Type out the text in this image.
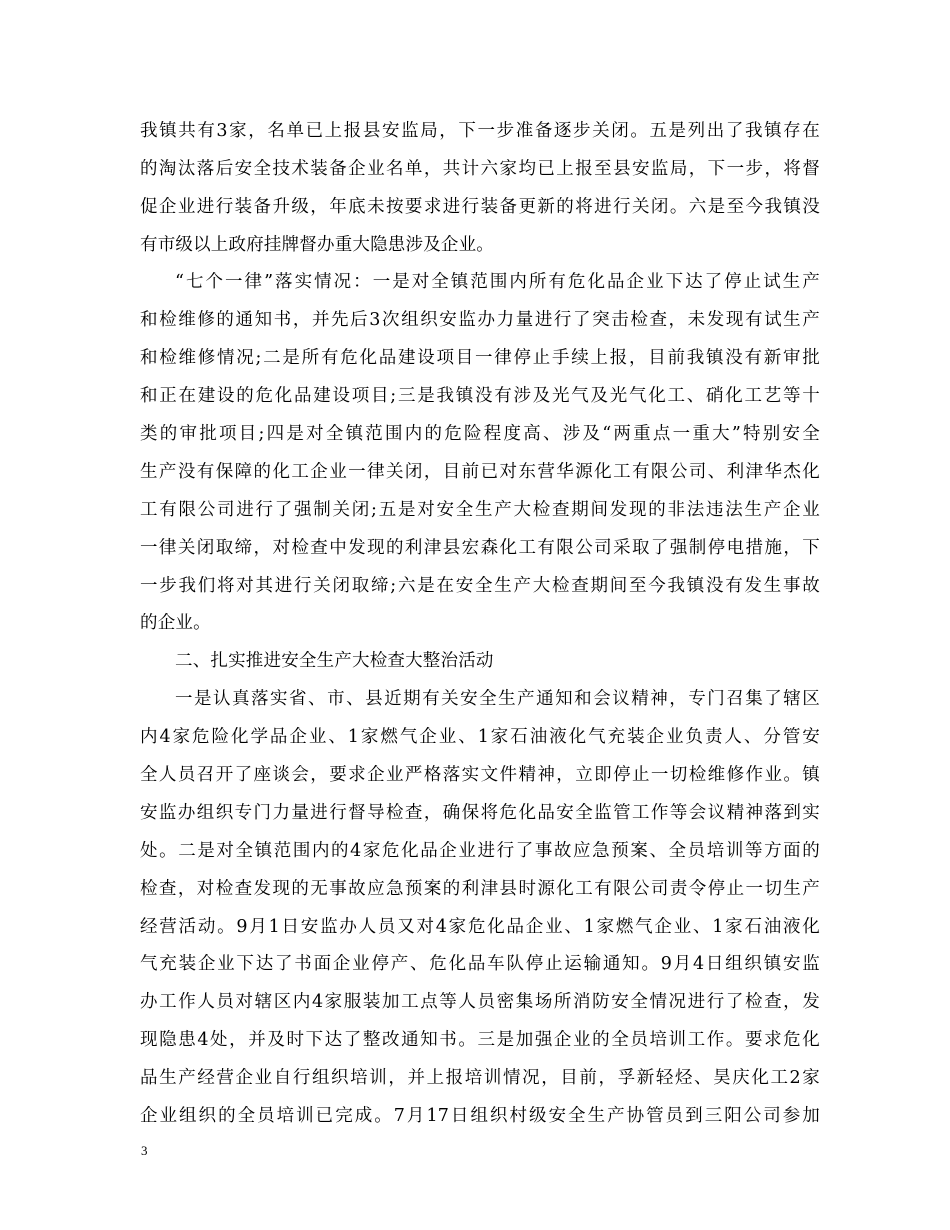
我镇共有3家，名单已上报县安监局，下一步准备逐步关闭。五是列出了我镇存在
的淘汰落后安全技术装备企业名单，共计六家均已上报至县安监局，下一步，将督
促企业进行装备升级，年底未按要求进行装备更新的将进行关闭。六是至今我镇没
有市级以上政府挂牌督办重大隐患涉及企业。
“七个一律”落实情况：一是对全镇范围内所有危化品企业下达了停止试生产
和检维修的通知书，并先后3次组织安监办力量进行了突击检查，未发现有试生产
和检维修情况;二是所有危化品建设项目一律停止手续上报，目前我镇没有新审批
和正在建设的危化品建设项目;三是我镇没有涉及光气及光气化工、硝化工艺等十
类的审批项目;四是对全镇范围内的危险程度高、涉及“两重点一重大”特别安全
生产没有保障的化工企业一律关闭，目前已对东营华源化工有限公司、利津华杰化
工有限公司进行了强制关闭;五是对安全生产大检查期间发现的非法违法生产企业
一律关闭取缔，对检查中发现的利津县宏森化工有限公司采取了强制停电措施，下
一步我们将对其进行关闭取缔;六是在安全生产大检查期间至今我镇没有发生事故
的企业。
二、扎实推进安全生产大检查大整治活动
一是认真落实省、市、县近期有关安全生产通知和会议精神，专门召集了辖区
内4家危险化学品企业、1家燃气企业、1家石油液化气充装企业负责人、分管安
全人员召开了座谈会，要求企业严格落实文件精神，立即停止一切检维修作业。镇
安监办组织专门力量进行督导检查，确保将危化品安全监管工作等会议精神落到实
处。二是对全镇范围内的4家危化品企业进行了事故应急预案、全员培训等方面的
检查，对检查发现的无事故应急预案的利津县时源化工有限公司责令停止一切生产
经营活动。9月1日安监办人员又对4家危化品企业、1家燃气企业、1家石油液化
气充装企业下达了书面企业停产、危化品车队停止运输通知。9月4日组织镇安监
办工作人员对辖区内4家服装加工点等人员密集场所消防安全情况进行了检查，发
现隐患4处，并及时下达了整改通知书。三是加强企业的全员培训工作。要求危化
品生产经营企业自行组织培训，并上报培训情况，目前，孚新轻烃、昊庆化工2家
企业组织的全员培训已完成。7月17日组织村级安全生产协管员到三阳公司参加
3
